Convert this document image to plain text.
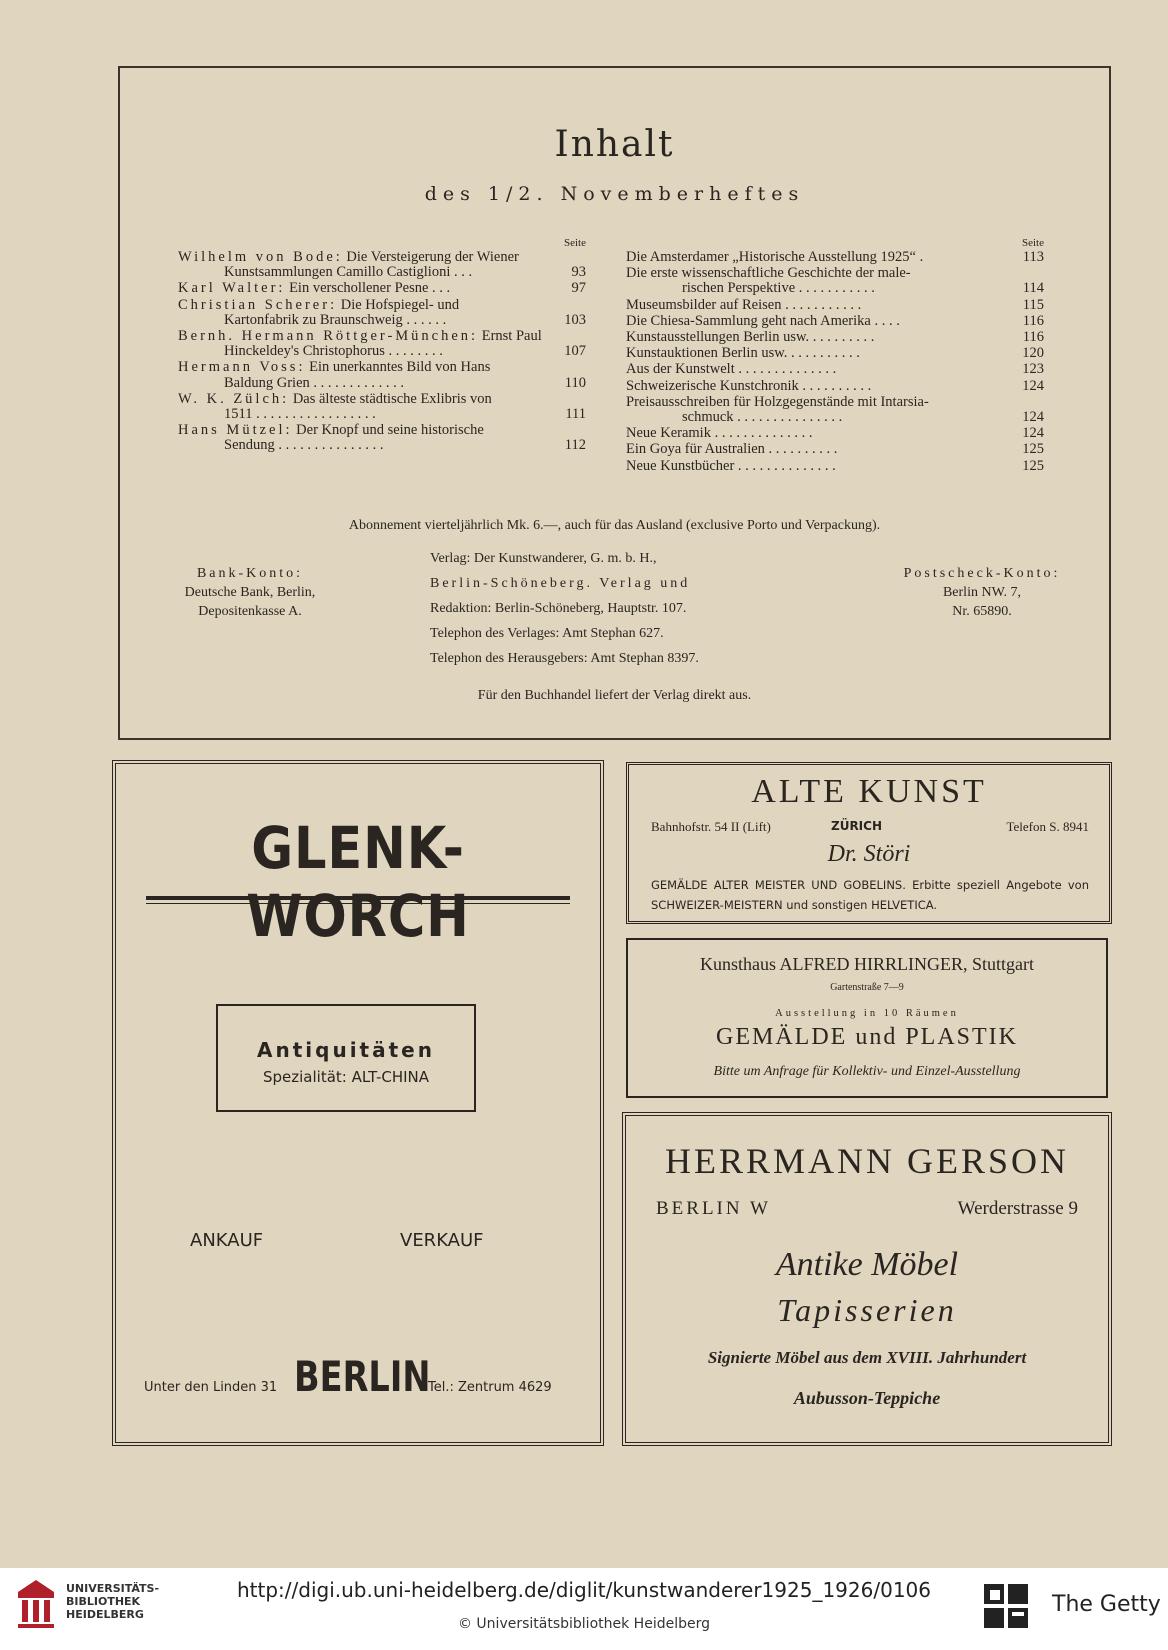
Inhalt
des 1/2. Novemberheftes
Seite
Wilhelm von Bode: Die Versteigerung der Wiener
Kunstsammlungen Camillo Castiglioni . . .	93
Karl Walter: Ein verschollener Pesne . . .	97
Christian Scherer: Die Hofspiegel- und
Kartonfabrik zu Braunschweig . . . . . .	103
Bernh. Hermann Röttger-München: Ernst Paul
Hinckeldey's Christophorus . . . . . . . .	107
Hermann Voss: Ein unerkanntes Bild von Hans
Baldung Grien . . . . . . . . . . . . .	110
W. K. Zülch: Das älteste städtische Exlibris von
1511 . . . . . . . . . . . . . . . . .	111
Hans Mützel: Der Knopf und seine historische
Sendung . . . . . . . . . . . . . . .	112
Seite
Die Amsterdamer „Historische Ausstellung 1925“ .	113
Die erste wissenschaftliche Geschichte der male-
rischen Perspektive . . . . . . . . . . .	114
Museumsbilder auf Reisen . . . . . . . . . . .	115
Die Chiesa-Sammlung geht nach Amerika . . . .	116
Kunstausstellungen Berlin usw. . . . . . . . . .	116
Kunstauktionen Berlin usw. . . . . . . . . . .	120
Aus der Kunstwelt . . . . . . . . . . . . . .	123
Schweizerische Kunstchronik . . . . . . . . . .	124
Preisausschreiben für Holzgegenstände mit Intarsia-
schmuck . . . . . . . . . . . . . . .	124
Neue Keramik . . . . . . . . . . . . . .	124
Ein Goya für Australien . . . . . . . . . .	125
Neue Kunstbücher . . . . . . . . . . . . . .	125
Abonnement vierteljährlich Mk. 6.—, auch für das Ausland (exclusive Porto und Verpackung).
Bank-Konto:
Deutsche Bank, Berlin,
Depositenkasse A.
Verlag: Der Kunstwanderer, G. m. b. H.,
Berlin-Schöneberg. Verlag und
Redaktion: Berlin-Schöneberg, Hauptstr. 107.
Telephon des Verlages: Amt Stephan 627.
Telephon des Herausgebers: Amt Stephan 8397.
Postscheck-Konto:
Berlin NW. 7,
Nr. 65890.
Für den Buchhandel liefert der Verlag direkt aus.
GLENK-WORCH
Antiquitäten
Spezialität: ALT-CHINA
ANKAUF	VERKAUF
Unter den Linden 31 BERLIN
Tel.: Zentrum 4629
ALTE KUNST
Bahnhofstr. 54 II (Lift)	ZÜRICH	Telefon S. 8941
Dr. Störi
GEMÄLDE ALTER MEISTER UND GOBELINS. Erbitte speziell Angebote von SCHWEIZER-MEISTERN und sonstigen HELVETICA.
Kunsthaus ALFRED HIRRLINGER, Stuttgart
Gartenstraße 7—9
Ausstellung in 10 Räumen
GEMÄLDE und PLASTIK
Bitte um Anfrage für Kollektiv- und Einzel-Ausstellung
HERRMANN GERSON
BERLIN W	Werderstrasse 9
Antike Möbel
Tapisserien
Signierte Möbel aus dem XVIII. Jahrhundert
Aubusson-Teppiche
UNIVERSITÄTS-
BIBLIOTHEK
HEIDELBERG
http://digi.ub.uni-heidelberg.de/diglit/kunstwanderer1925_1926/0106
© Universitätsbibliothek Heidelberg
The Getty
